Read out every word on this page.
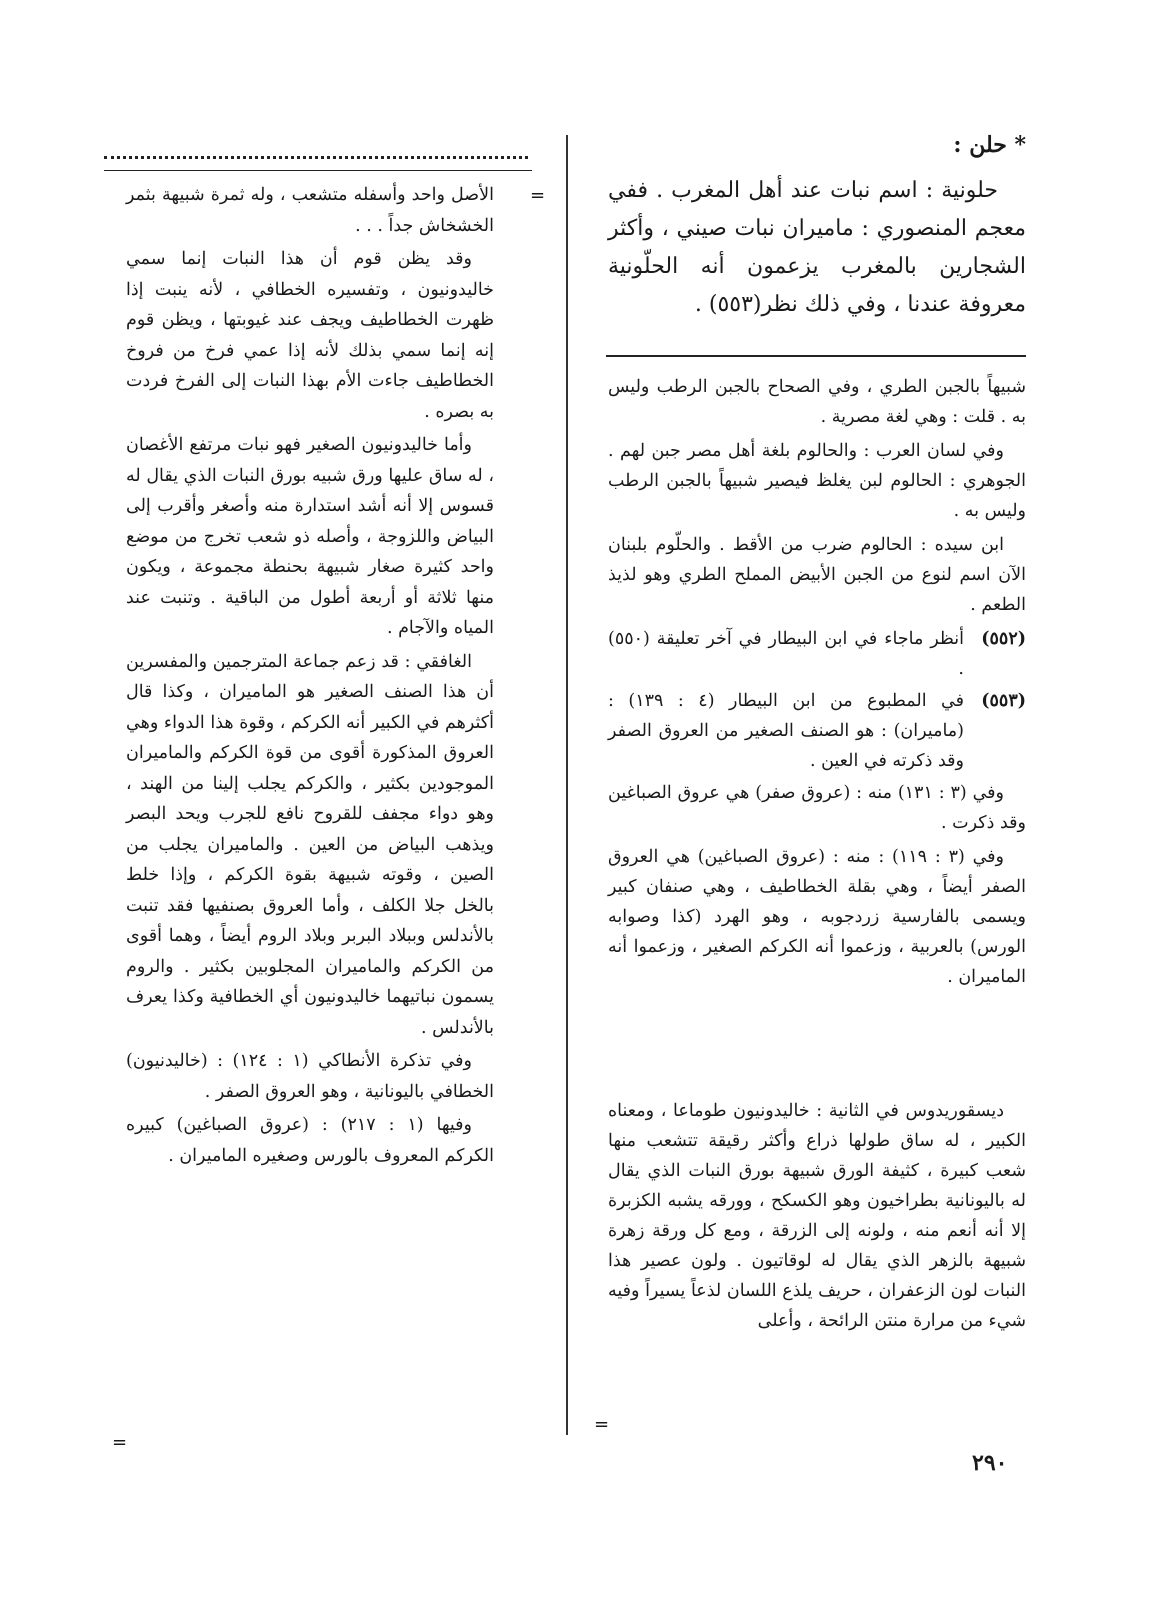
* حلن :

حلونية : اسم نبات عند أهل المغرب . ففي معجم المنصوري : ماميران نبات صيني ، وأكثر الشجارين بالمغرب يزعمون أنه الحلّونية معروفة عندنا ، وفي ذلك نظر(٥٥٣) .

شبيهاً بالجبن الطري ، وفي الصحاح بالجبن الرطب وليس به . قلت : وهي لغة مصرية .

وفي لسان العرب : والحالوم بلغة أهل مصر جبن لهم . الجوهري : الحالوم لبن يغلظ فيصير شبيهاً بالجبن الرطب وليس به .

ابن سيده : الحالوم ضرب من الأقط . والحلّوم بلبنان الآن اسم لنوع من الجبن الأبيض المملح الطري وهو لذيذ الطعم .

(٥٥٢)
أنظر ماجاء في ابن البيطار في آخر تعليقة (٥٥٠) .
(٥٥٣)
في المطبوع من ابن البيطار (٤ : ١٣٩) : (ماميران) : هو الصنف الصغير من العروق الصفر وقد ذكرته في العين .

وفي (٣ : ١٣١) منه : (عروق صفر) هي عروق الصباغين وقد ذكرت .

وفي (٣ : ١١٩) : منه : (عروق الصباغين) هي العروق الصفر أيضاً ، وهي بقلة الخطاطيف ، وهي صنفان كبير ويسمى بالفارسية زردجوبه ، وهو الهرد (كذا وصوابه الورس) بالعربية ، وزعموا أنه الكركم الصغير ، وزعموا أنه الماميران .

ديسقوريدوس في الثانية : خاليدونيون طوماعا ، ومعناه الكبير ، له ساق طولها ذراع وأكثر رقيقة تتشعب منها شعب كبيرة ، كثيفة الورق شبيهة بورق النبات الذي يقال له باليونانية بطراخيون وهو الكسكح ، وورقه يشبه الكزبرة إلا أنه أنعم منه ، ولونه إلى الزرقة ، ومع كل ورقة زهرة شبيهة بالزهر الذي يقال له لوقاتيون . ولون عصير هذا النبات لون الزعفران ، حريف يلذع اللسان لذعاً يسيراً وفيه شيء من مرارة منتن الرائحة ، وأعلى

=
=

الأصل واحد وأسفله متشعب ، وله ثمرة شبيهة بثمر الخشخاش جداً . . .

وقد يظن قوم أن هذا النبات إنما سمي خاليدونيون ، وتفسيره الخطافي ، لأنه ينبت إذا ظهرت الخطاطيف ويجف عند غيوبتها ، ويظن قوم إنه إنما سمي بذلك لأنه إذا عمي فرخ من فروخ الخطاطيف جاءت الأم بهذا النبات إلى الفرخ فردت به بصره .

وأما خاليدونيون الصغير فهو نبات مرتفع الأغصان ، له ساق عليها ورق شبيه بورق النبات الذي يقال له قسوس إلا أنه أشد استدارة منه وأصغر وأقرب إلى البياض واللزوجة ، وأصله ذو شعب تخرج من موضع واحد كثيرة صغار شبيهة بحنطة مجموعة ، ويكون منها ثلاثة أو أربعة أطول من الباقية . وتنبت عند المياه والآجام .

الغافقي : قد زعم جماعة المترجمين والمفسرين أن هذا الصنف الصغير هو الماميران ، وكذا قال أكثرهم في الكبير أنه الكركم ، وقوة هذا الدواء وهي العروق المذكورة أقوى من قوة الكركم والماميران الموجودين بكثير ، والكركم يجلب إلينا من الهند ، وهو دواء مجفف للقروح نافع للجرب ويحد البصر ويذهب البياض من العين . والماميران يجلب من الصين ، وقوته شبيهة بقوة الكركم ، وإذا خلط بالخل جلا الكلف ، وأما العروق بصنفيها فقد تنبت بالأندلس وببلاد البربر وبلاد الروم أيضاً ، وهما أقوى من الكركم والماميران المجلوبين بكثير . والروم يسمون نباتيهما خاليدونيون أي الخطافية وكذا يعرف بالأندلس .

وفي تذكرة الأنطاكي (١ : ١٢٤) : (خاليدنيون) الخطافي باليونانية ، وهو العروق الصفر .

وفيها (١ : ٢١٧) : (عروق الصباغين) كبيره الكركم المعروف بالورس وصغيره الماميران .

=
٢٩٠
